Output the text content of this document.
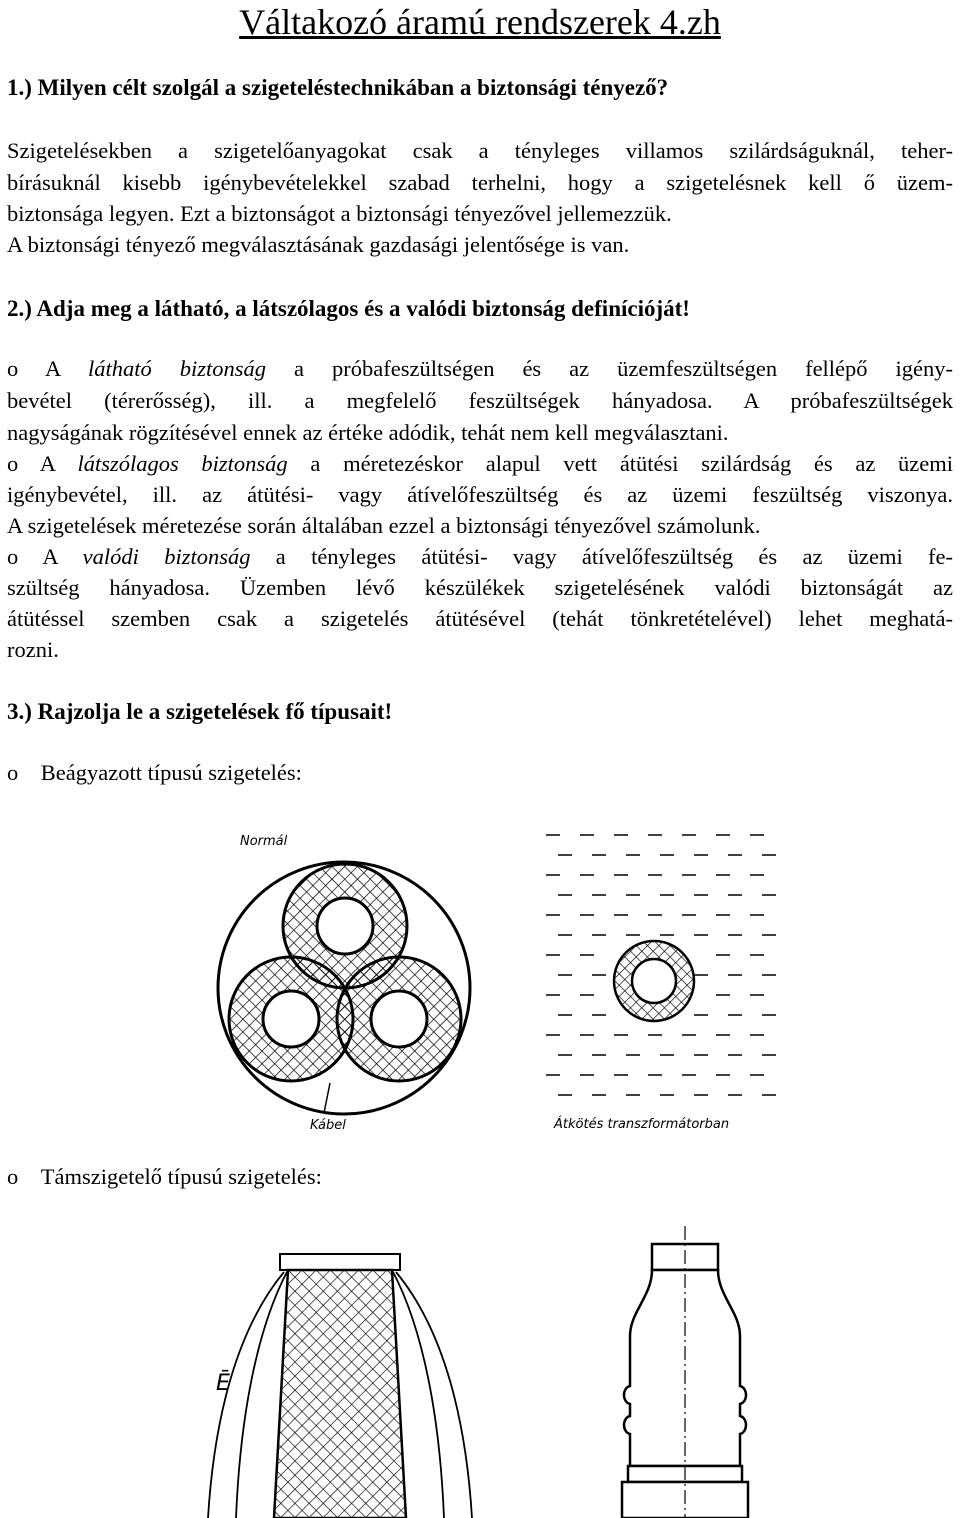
Váltakozó áramú rendszerek 4.zh
1.) Milyen célt szolgál a szigeteléstechnikában a biztonsági tényező?
Szigetelésekben a szigetelőanyagokat csak a tényleges villamos szilárdságuknál, teher-
bírásuknál kisebb igénybevételekkel szabad terhelni, hogy a szigetelésnek kell ő üzem-
biztonsága legyen. Ezt a biztonságot a biztonsági tényezővel jellemezzük.
A biztonsági tényező megválasztásának gazdasági jelentősége is van.
2.) Adja meg a látható, a látszólagos és a valódi biztonság definícióját!
o A látható biztonság a próbafeszültségen és az üzemfeszültségen fellépő igény-
bevétel (térerősség), ill. a megfelelő feszültségek hányadosa. A próbafeszültségek
nagyságának rögzítésével ennek az értéke adódik, tehát nem kell megválasztani.
o A látszólagos biztonság a méretezéskor alapul vett átütési szilárdság és az üzemi
igénybevétel, ill. az átütési- vagy átívelőfeszültség és az üzemi feszültség viszonya.
A szigetelések méretezése során általában ezzel a biztonsági tényezővel számolunk.
o A valódi biztonság a tényleges átütési- vagy átívelőfeszültség és az üzemi fe-
szültség hányadosa. Üzemben lévő készülékek szigetelésének valódi biztonságát az
átütéssel szemben csak a szigetelés átütésével (tehát tönkretételével) lehet meghatá-
rozni.
3.) Rajzolja le a szigetelések fő típusait!
o Beágyazott típusú szigetelés:
Normál
Kábel	Átkötés transzformátorban
o Támszigetelő típusú szigetelés:
Ē
